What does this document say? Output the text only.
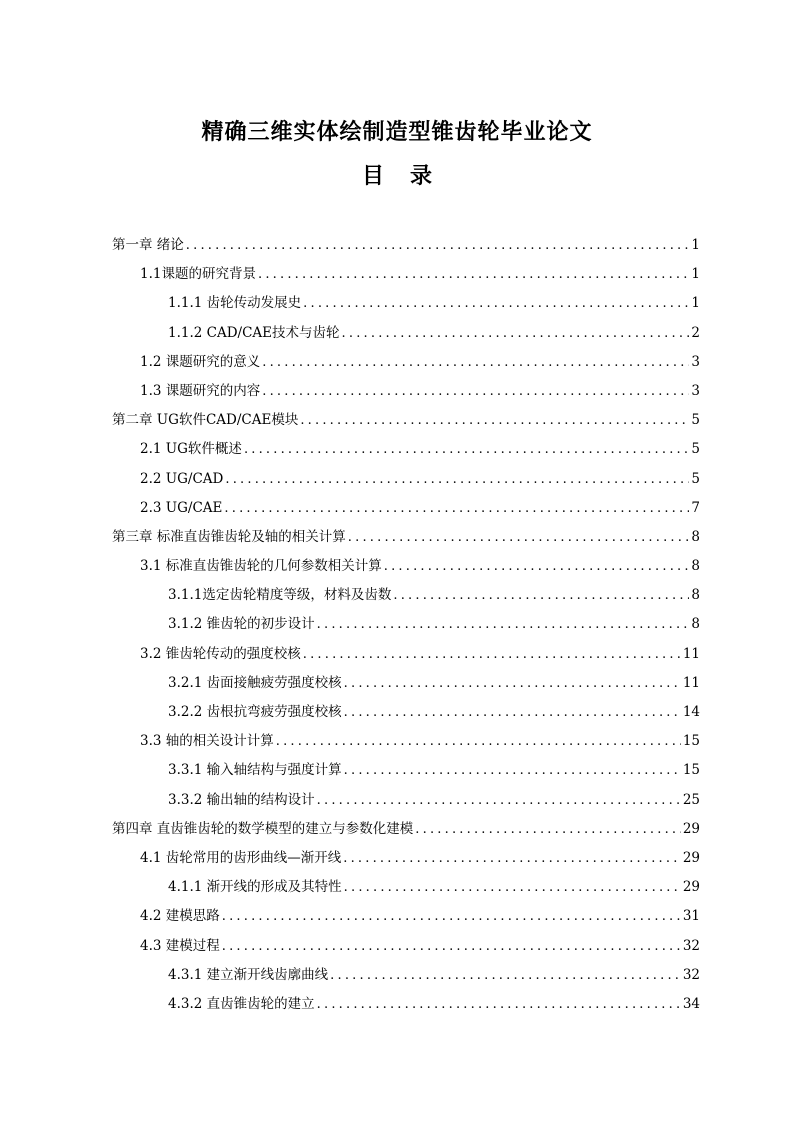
精确三维实体绘制造型锥齿轮毕业论文
目录
第一章 绪论 .....	1
1.1课题的研究背景 .....	1
1.1.1 齿轮传动发展史 .....	1
1.1.2 CAD/CAE技术与齿轮 .....	2
1.2 课题研究的意义 .....	3
1.3 课题研究的内容 .....	3
第二章 UG软件CAD/CAE模块 .....	5
2.1 UG软件概述 .....	5
2.2 UG/CAD .....	5
2.3 UG/CAE .....	7
第三章 标准直齿锥齿轮及轴的相关计算 .....	8
3.1 标准直齿锥齿轮的几何参数相关计算 .....	8
3.1.1选定齿轮精度等级，材料及齿数 .....	8
3.1.2 锥齿轮的初步设计 .....	8
3.2 锥齿轮传动的强度校核 .....	11
3.2.1 齿面接触疲劳强度校核 .....	11
3.2.2 齿根抗弯疲劳强度校核 .....	14
3.3 轴的相关设计计算 .....	15
3.3.1 输入轴结构与强度计算 .....	15
3.3.2 输出轴的结构设计 .....	25
第四章 直齿锥齿轮的数学模型的建立与参数化建模 .....	29
4.1 齿轮常用的齿形曲线—渐开线 .....	29
4.1.1 渐开线的形成及其特性 .....	29
4.2 建模思路 .....	31
4.3 建模过程 .....	32
4.3.1 建立渐开线齿廓曲线 .....	32
4.3.2 直齿锥齿轮的建立 .....	34
